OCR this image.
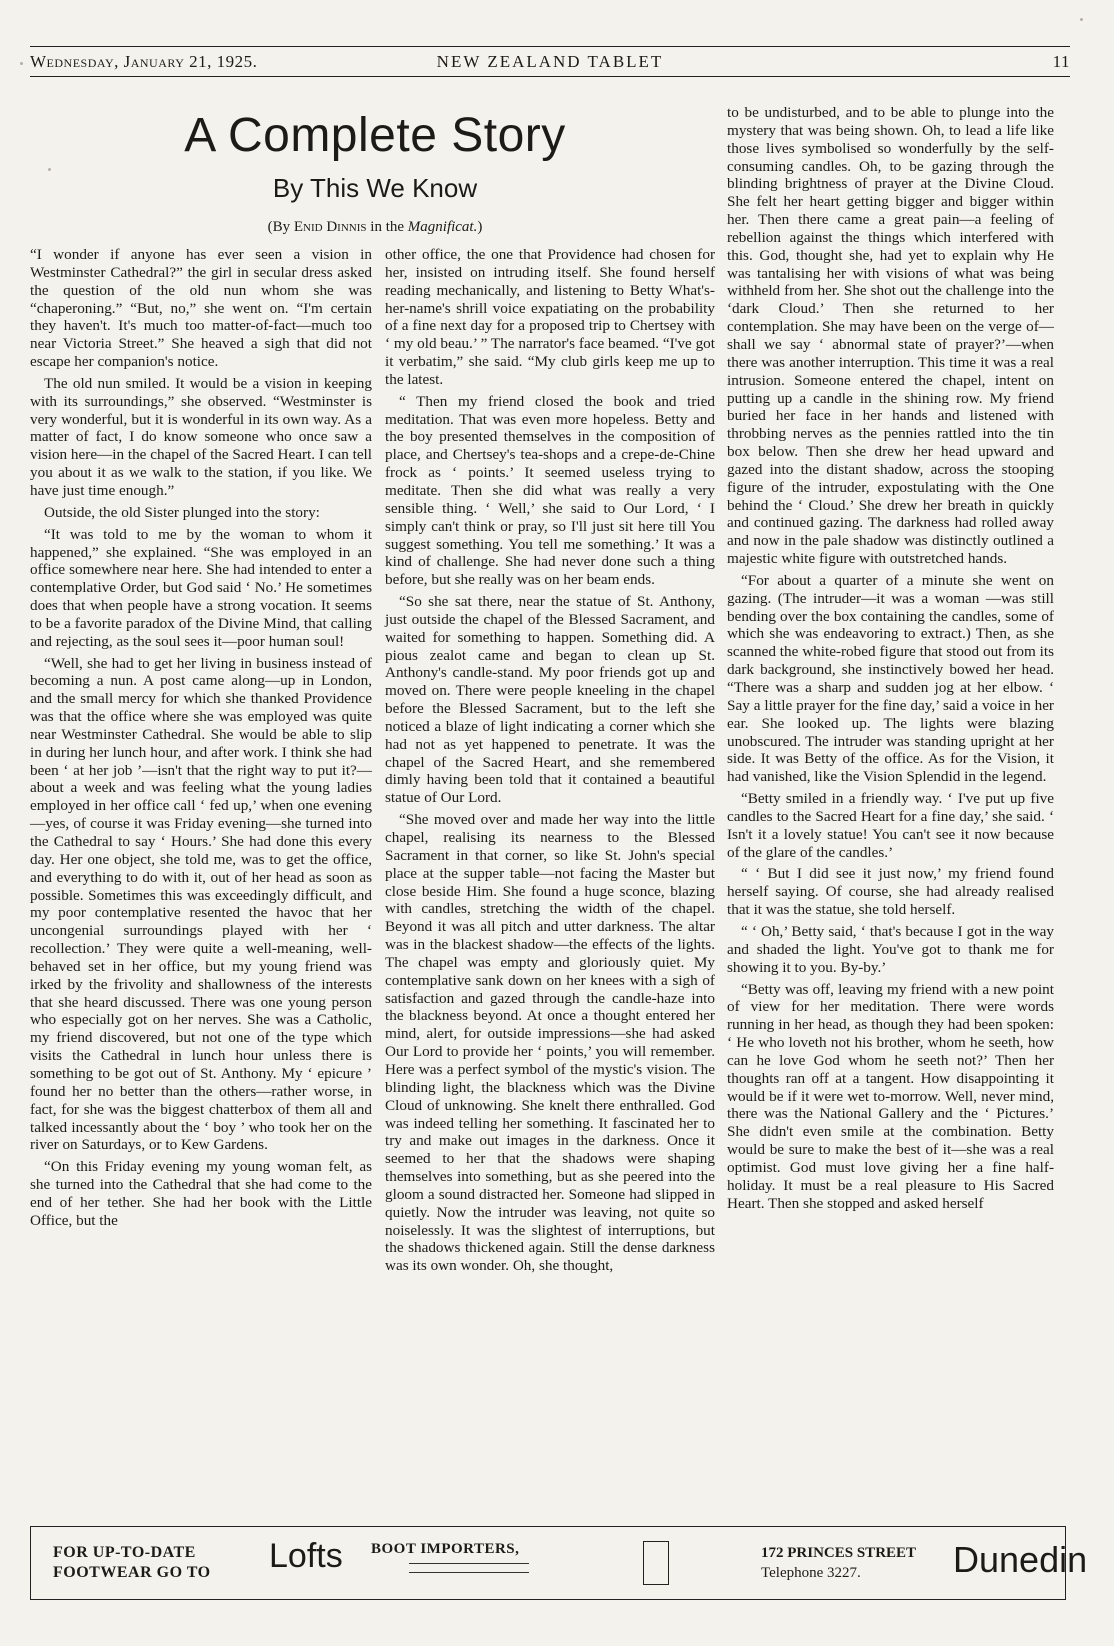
Wednesday, January 21, 1925.	NEW ZEALAND TABLET	11
A Complete Story
By This We Know
(By Enid Dinnis in the Magnificat.)

“I wonder if anyone has ever seen a vision in Westminster Cathedral?” the girl in secular dress asked the question of the old nun whom she was “chaperoning.” “But, no,” she went on. “I'm certain they haven't. It's much too matter-of-fact—much too near Victoria Street.” She heaved a sigh that did not escape her companion's notice.

The old nun smiled. It would be a vision in keeping with its surroundings,” she observed. “Westminster is very wonderful, but it is wonderful in its own way. As a matter of fact, I do know someone who once saw a vision here—in the chapel of the Sacred Heart. I can tell you about it as we walk to the station, if you like. We have just time enough.”

Outside, the old Sister plunged into the story:

“It was told to me by the woman to whom it happened,” she explained. “She was employed in an office somewhere near here. She had intended to enter a contemplative Order, but God said ‘ No.’ He sometimes does that when people have a strong vocation. It seems to be a favorite paradox of the Divine Mind, that calling and rejecting, as the soul sees it—poor human soul!

“Well, she had to get her living in business instead of becoming a nun. A post came along—up in London, and the small mercy for which she thanked Providence was that the office where she was employed was quite near Westminster Cathedral. She would be able to slip in during her lunch hour, and after work. I think she had been ‘ at her job ’—isn't that the right way to put it?—about a week and was feeling what the young ladies employed in her office call ‘ fed up,’ when one evening—yes, of course it was Friday evening—she turned into the Cathedral to say ‘ Hours.’ She had done this every day. Her one object, she told me, was to get the office, and everything to do with it, out of her head as soon as possible. Sometimes this was exceedingly difficult, and my poor contemplative resented the havoc that her uncongenial surroundings played with her ‘ recollection.’ They were quite a well-meaning, well-behaved set in her office, but my young friend was irked by the frivolity and shallowness of the interests that she heard discussed. There was one young person who especially got on her nerves. She was a Catholic, my friend discovered, but not one of the type which visits the Cathedral in lunch hour unless there is something to be got out of St. Anthony. My ‘ epicure ’ found her no better than the others—rather worse, in fact, for she was the biggest chatterbox of them all and talked incessantly about the ‘ boy ’ who took her on the river on Saturdays, or to Kew Gardens.

“On this Friday evening my young woman felt, as she turned into the Cathedral that she had come to the end of her tether. She had her book with the Little Office, but the

other office, the one that Providence had chosen for her, insisted on intruding itself. She found herself reading mechanically, and listening to Betty What's-her-name's shrill voice expatiating on the probability of a fine next day for a proposed trip to Chertsey with ‘ my old beau.’ ” The narrator's face beamed. “I've got it verbatim,” she said. “My club girls keep me up to the latest.

“ Then my friend closed the book and tried meditation. That was even more hopeless. Betty and the boy presented themselves in the composition of place, and Chertsey's tea-shops and a crepe-de-Chine frock as ‘ points.’ It seemed useless trying to meditate. Then she did what was really a very sensible thing. ‘ Well,’ she said to Our Lord, ‘ I simply can't think or pray, so I'll just sit here till You suggest something. You tell me something.’ It was a kind of challenge. She had never done such a thing before, but she really was on her beam ends.

“So she sat there, near the statue of St. Anthony, just outside the chapel of the Blessed Sacrament, and waited for something to happen. Something did. A pious zealot came and began to clean up St. Anthony's candle-stand. My poor friends got up and moved on. There were people kneeling in the chapel before the Blessed Sacrament, but to the left she noticed a blaze of light indicating a corner which she had not as yet happened to penetrate. It was the chapel of the Sacred Heart, and she remembered dimly having been told that it contained a beautiful statue of Our Lord.

“She moved over and made her way into the little chapel, realising its nearness to the Blessed Sacrament in that corner, so like St. John's special place at the supper table—not facing the Master but close beside Him. She found a huge sconce, blazing with candles, stretching the width of the chapel. Beyond it was all pitch and utter darkness. The altar was in the blackest shadow—the effects of the lights. The chapel was empty and gloriously quiet. My contemplative sank down on her knees with a sigh of satisfaction and gazed through the candle-haze into the blackness beyond. At once a thought entered her mind, alert, for outside impressions—she had asked Our Lord to provide her ‘ points,’ you will remember. Here was a perfect symbol of the mystic's vision. The blinding light, the blackness which was the Divine Cloud of unknowing. She knelt there enthralled. God was indeed telling her something. It fascinated her to try and make out images in the darkness. Once it seemed to her that the shadows were shaping themselves into something, but as she peered into the gloom a sound distracted her. Someone had slipped in quietly. Now the intruder was leaving, not quite so noiselessly. It was the slightest of interruptions, but the shadows thickened again. Still the dense darkness was its own wonder. Oh, she thought,

to be undisturbed, and to be able to plunge into the mystery that was being shown. Oh, to lead a life like those lives symbolised so wonderfully by the self-consuming candles. Oh, to be gazing through the blinding brightness of prayer at the Divine Cloud. She felt her heart getting bigger and bigger within her. Then there came a great pain—a feeling of rebellion against the things which interfered with this. God, thought she, had yet to explain why He was tantalising her with visions of what was being withheld from her. She shot out the challenge into the ‘dark Cloud.’ Then she returned to her contemplation. She may have been on the verge of—shall we say ‘ abnormal state of prayer?’—when there was another interruption. This time it was a real intrusion. Someone entered the chapel, intent on putting up a candle in the shining row. My friend buried her face in her hands and listened with throbbing nerves as the pennies rattled into the tin box below. Then she drew her head upward and gazed into the distant shadow, across the stooping figure of the intruder, expostulating with the One behind the ‘ Cloud.’ She drew her breath in quickly and continued gazing. The darkness had rolled away and now in the pale shadow was distinctly outlined a majestic white figure with outstretched hands.

“For about a quarter of a minute she went on gazing. (The intruder—it was a woman —was still bending over the box containing the candles, some of which she was endeavoring to extract.) Then, as she scanned the white-robed figure that stood out from its dark background, she instinctively bowed her head. “There was a sharp and sudden jog at her elbow. ‘ Say a little prayer for the fine day,’ said a voice in her ear. She looked up. The lights were blazing unobscured. The intruder was standing upright at her side. It was Betty of the office. As for the Vision, it had vanished, like the Vision Splendid in the legend.

“Betty smiled in a friendly way. ‘ I've put up five candles to the Sacred Heart for a fine day,’ she said. ‘ Isn't it a lovely statue! You can't see it now because of the glare of the candles.’

“ ‘ But I did see it just now,’ my friend found herself saying. Of course, she had already realised that it was the statue, she told herself.

“ ‘ Oh,’ Betty said, ‘ that's because I got in the way and shaded the light. You've got to thank me for showing it to you. By-by.’

“Betty was off, leaving my friend with a new point of view for her meditation. There were words running in her head, as though they had been spoken: ‘ He who loveth not his brother, whom he seeth, how can he love God whom he seeth not?’ Then her thoughts ran off at a tangent. How disappointing it would be if it were wet to-morrow. Well, never mind, there was the National Gallery and the ‘ Pictures.’ She didn't even smile at the combination. Betty would be sure to make the best of it—she was a real optimist. God must love giving her a fine half-holiday. It must be a real pleasure to His Sacred Heart. Then she stopped and asked herself

FOR UP-TO-DATE
FOOTWEAR GO TO Lofts BOOT IMPORTERS,	172 PRINCES STREET
Telephone 3227.	Dunedin
